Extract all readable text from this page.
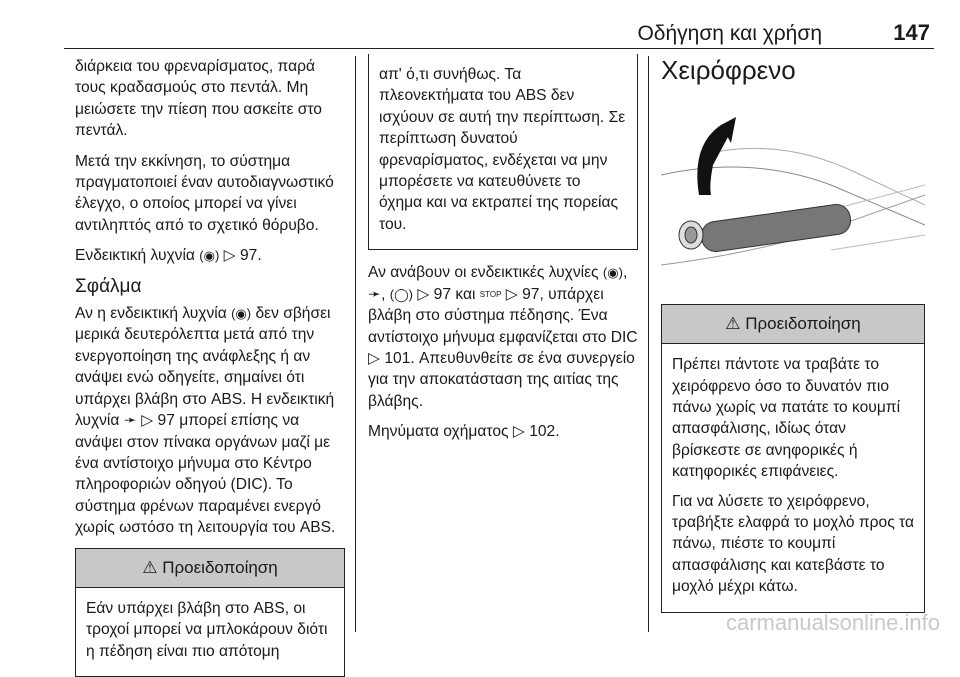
Οδήγηση και χρήση	147

διάρκεια του φρεναρίσματος, παρά τους κραδασμούς στο πεντάλ. Μη μειώσετε την πίεση που ασκείτε στο πεντάλ.

Μετά την εκκίνηση, το σύστημα πραγματοποιεί έναν αυτοδιαγνωστικό έλεγχο, ο οποίος μπορεί να γίνει αντιληπτός από το σχετικό θόρυβο.

Ενδεικτική λυχνία (◉) ▷ 97.

Σφάλμα

Αν η ενδεικτική λυχνία (◉) δεν σβήσει μερικά δευτερόλεπτα μετά από την ενεργοποίηση της ανάφλεξης ή αν ανάψει ενώ οδηγείτε, σημαίνει ότι υπάρχει βλάβη στο ABS. Η ενδεικτική λυχνία ➛ ▷ 97 μπορεί επίσης να ανάψει στον πίνακα οργάνων μαζί με ένα αντίστοιχο μήνυμα στο Κέντρο πληροφοριών οδηγού (DIC). Το σύστημα φρένων παραμένει ενεργό χωρίς ωστόσο τη λειτουργία του ABS.

⚠ Προειδοποίηση

Εάν υπάρχει βλάβη στο ABS, οι τροχοί μπορεί να μπλοκάρουν διότι η πέδηση είναι πιο απότομη

απ' ό,τι συνήθως. Τα πλεονεκτήματα του ABS δεν ισχύουν σε αυτή την περίπτωση. Σε περίπτωση δυνατού φρεναρίσματος, ενδέχεται να μην μπορέσετε να κατευθύνετε το όχημα και να εκτραπεί της πορείας του.

Αν ανάβουν οι ενδεικτικές λυχνίες (◉), ➛, (◯) ▷ 97 και STOP ▷ 97, υπάρχει βλάβη στο σύστημα πέδησης. Ένα αντίστοιχο μήνυμα εμφανίζεται στο DIC ▷ 101. Απευθυνθείτε σε ένα συνεργείο για την αποκατάσταση της αιτίας της βλάβης.

Μηνύματα οχήματος ▷ 102.

Χειρόφρενο
⚠ Προειδοποίηση

Πρέπει πάντοτε να τραβάτε το χειρόφρενο όσο το δυνατόν πιο πάνω χωρίς να πατάτε το κουμπί απασφάλισης, ιδίως όταν βρίσκεστε σε ανηφορικές ή κατηφορικές επιφάνειες.

Για να λύσετε το χειρόφρενο, τραβήξτε ελαφρά το μοχλό προς τα πάνω, πιέστε το κουμπί απασφάλισης και κατεβάστε το μοχλό μέχρι κάτω.

carmanualsonline.info
